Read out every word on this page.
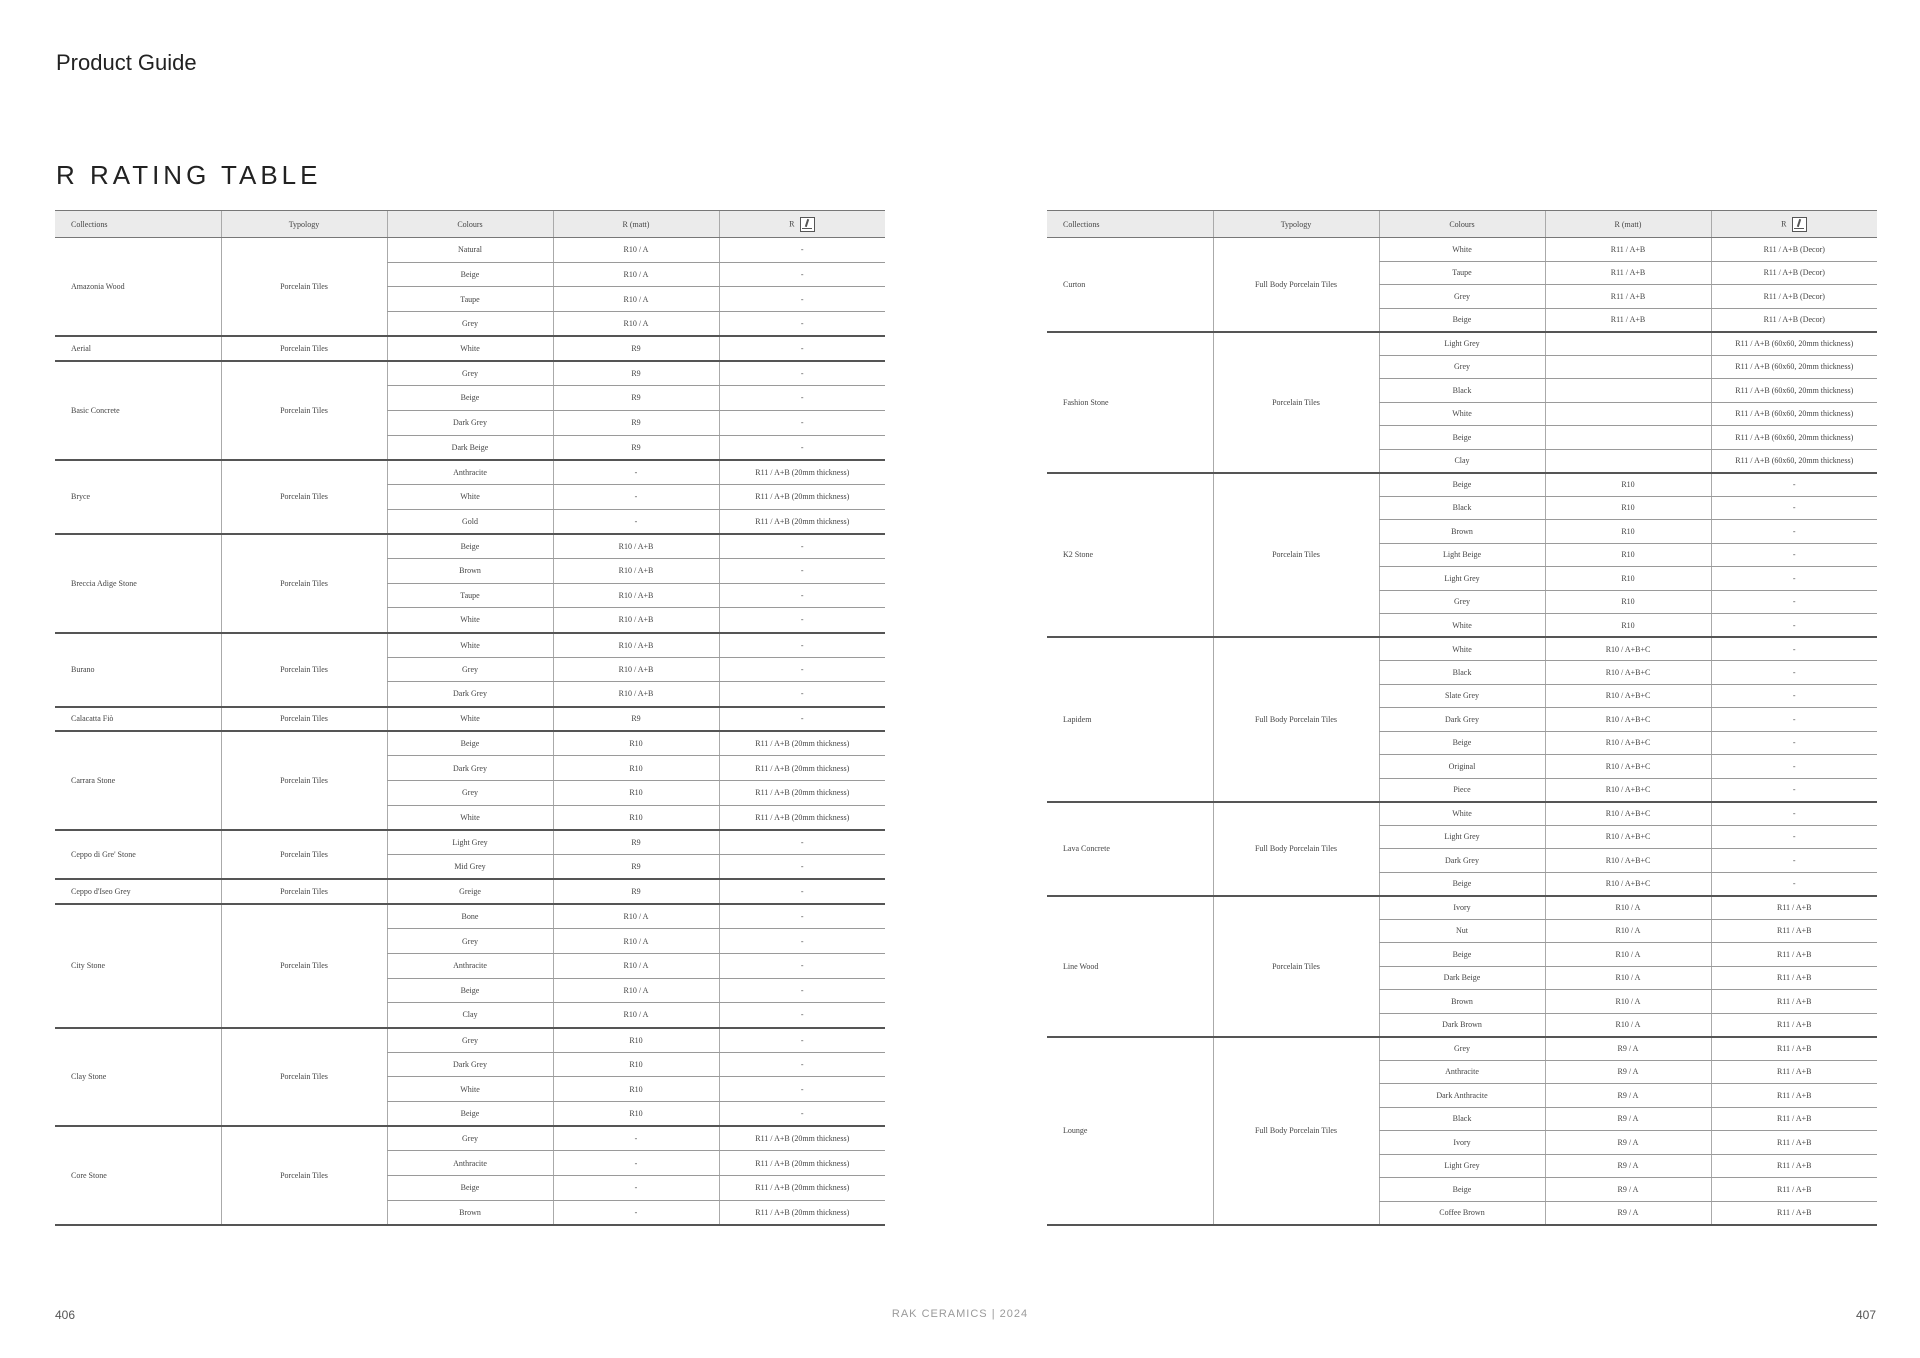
Product Guide
R RATING TABLE
Collections	Typology	Colours	R (matt)	R
Amazonia Wood	Porcelain Tiles	Natural	R10 / A	-
		Beige	R10 / A	-
		Taupe	R10 / A	-
		Grey	R10 / A	-
Aerial	Porcelain Tiles	White	R9	-
Basic Concrete	Porcelain Tiles	Grey	R9	-
		Beige	R9	-
		Dark Grey	R9	-
		Dark Beige	R9	-
Bryce	Porcelain Tiles	Anthracite	-	R11 / A+B (20mm thickness)
		White	-	R11 / A+B (20mm thickness)
		Gold	-	R11 / A+B (20mm thickness)
Breccia Adige Stone	Porcelain Tiles	Beige	R10 / A+B	-
		Brown	R10 / A+B	-
		Taupe	R10 / A+B	-
		White	R10 / A+B	-
Burano	Porcelain Tiles	White	R10 / A+B	-
		Grey	R10 / A+B	-
		Dark Grey	R10 / A+B	-
Calacatta Fiò	Porcelain Tiles	White	R9	-
Carrara Stone	Porcelain Tiles	Beige	R10	R11 / A+B (20mm thickness)
		Dark Grey	R10	R11 / A+B (20mm thickness)
		Grey	R10	R11 / A+B (20mm thickness)
		White	R10	R11 / A+B (20mm thickness)
Ceppo di Gre' Stone	Porcelain Tiles	Light Grey	R9	-
		Mid Grey	R9	-
Ceppo d'Iseo Grey	Porcelain Tiles	Greige	R9	-
City Stone	Porcelain Tiles	Bone	R10 / A	-
		Grey	R10 / A	-
		Anthracite	R10 / A	-
		Beige	R10 / A	-
		Clay	R10 / A	-
Clay Stone	Porcelain Tiles	Grey	R10	-
		Dark Grey	R10	-
		White	R10	-
		Beige	R10	-
Core Stone	Porcelain Tiles	Grey	-	R11 / A+B (20mm thickness)
		Anthracite	-	R11 / A+B (20mm thickness)
		Beige	-	R11 / A+B (20mm thickness)
		Brown	-	R11 / A+B (20mm thickness)
Collections	Typology	Colours	R (matt)	R
Curton	Full Body Porcelain Tiles	White	R11 / A+B	R11 / A+B (Decor)
		Taupe	R11 / A+B	R11 / A+B (Decor)
		Grey	R11 / A+B	R11 / A+B (Decor)
		Beige	R11 / A+B	R11 / A+B (Decor)
Fashion Stone	Porcelain Tiles	Light Grey		R11 / A+B (60x60, 20mm thickness)
		Grey		R11 / A+B (60x60, 20mm thickness)
		Black		R11 / A+B (60x60, 20mm thickness)
		White		R11 / A+B (60x60, 20mm thickness)
		Beige		R11 / A+B (60x60, 20mm thickness)
		Clay		R11 / A+B (60x60, 20mm thickness)
K2 Stone	Porcelain Tiles	Beige	R10	-
		Black	R10	-
		Brown	R10	-
		Light Beige	R10	-
		Light Grey	R10	-
		Grey	R10	-
		White	R10	-
Lapidem	Full Body Porcelain Tiles	White	R10 / A+B+C	-
		Black	R10 / A+B+C	-
		Slate Grey	R10 / A+B+C	-
		Dark Grey	R10 / A+B+C	-
		Beige	R10 / A+B+C	-
		Original	R10 / A+B+C	-
		Piece	R10 / A+B+C	-
Lava Concrete	Full Body Porcelain Tiles	White	R10 / A+B+C	-
		Light Grey	R10 / A+B+C	-
		Dark Grey	R10 / A+B+C	-
		Beige	R10 / A+B+C	-
Line Wood	Porcelain Tiles	Ivory	R10 / A	R11 / A+B
		Nut	R10 / A	R11 / A+B
		Beige	R10 / A	R11 / A+B
		Dark Beige	R10 / A	R11 / A+B
		Brown	R10 / A	R11 / A+B
		Dark Brown	R10 / A	R11 / A+B
Lounge	Full Body Porcelain Tiles	Grey	R9 / A	R11 / A+B
		Anthracite	R9 / A	R11 / A+B
		Dark Anthracite	R9 / A	R11 / A+B
		Black	R9 / A	R11 / A+B
		Ivory	R9 / A	R11 / A+B
		Light Grey	R9 / A	R11 / A+B
		Beige	R9 / A	R11 / A+B
		Coffee Brown	R9 / A	R11 / A+B

406	RAK CERAMICS | 2024	407
